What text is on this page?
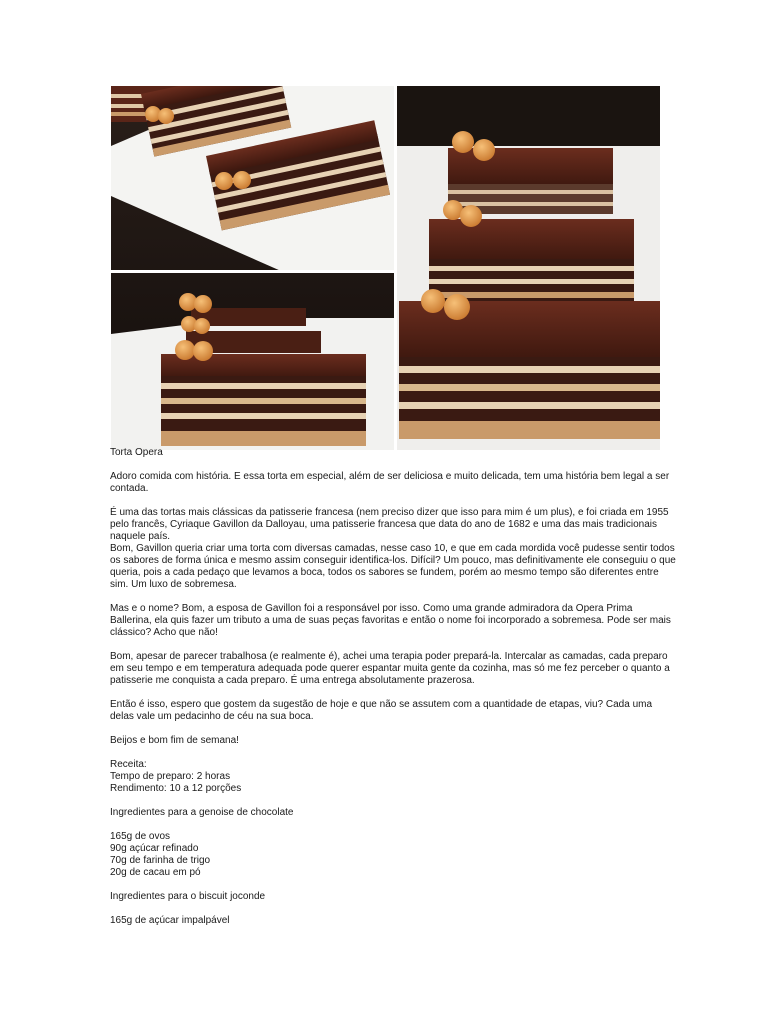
Torta Opera

Adoro comida com história. E essa torta em especial, além de ser deliciosa e muito delicada, tem uma história bem legal a ser
contada.

É uma das tortas mais clássicas da patisserie francesa (nem preciso dizer que isso para mim é um plus), e foi criada em 1955
pelo francês, Cyriaque Gavillon da Dalloyau, uma patisserie francesa que data do ano de 1682 e uma das mais tradicionais
naquele país.
Bom, Gavillon queria criar uma torta com diversas camadas, nesse caso 10, e que em cada mordida você pudesse sentir todos
os sabores de forma única e mesmo assim conseguir identifica-los. Difícil? Um pouco, mas definitivamente ele conseguiu o que
queria, pois a cada pedaço que levamos a boca, todos os sabores se fundem, porém ao mesmo tempo são diferentes entre
sim. Um luxo de sobremesa.

Mas e o nome? Bom, a esposa de Gavillon foi a responsável por isso. Como uma grande admiradora da Opera Prima
Ballerina, ela quis fazer um tributo a uma de suas peças favoritas e então o nome foi incorporado a sobremesa. Pode ser mais
clássico? Acho que não!

Bom, apesar de parecer trabalhosa (e realmente é), achei uma terapia poder prepará-la. Intercalar as camadas, cada preparo
em seu tempo e em temperatura adequada pode querer espantar muita gente da cozinha, mas só me fez perceber o quanto a
patisserie me conquista a cada preparo. É uma entrega absolutamente prazerosa.

Então é isso, espero que gostem da sugestão de hoje e que não se assutem com a quantidade de etapas, viu? Cada uma
delas vale um pedacinho de céu na sua boca.

Beijos e bom fim de semana!

Receita:
Tempo de preparo: 2 horas
Rendimento: 10 a 12 porções

Ingredientes para a genoise de chocolate

165g de ovos
90g açúcar refinado
70g de farinha de trigo
20g de cacau em pó

Ingredientes para o biscuit joconde

165g de açúcar impalpável
